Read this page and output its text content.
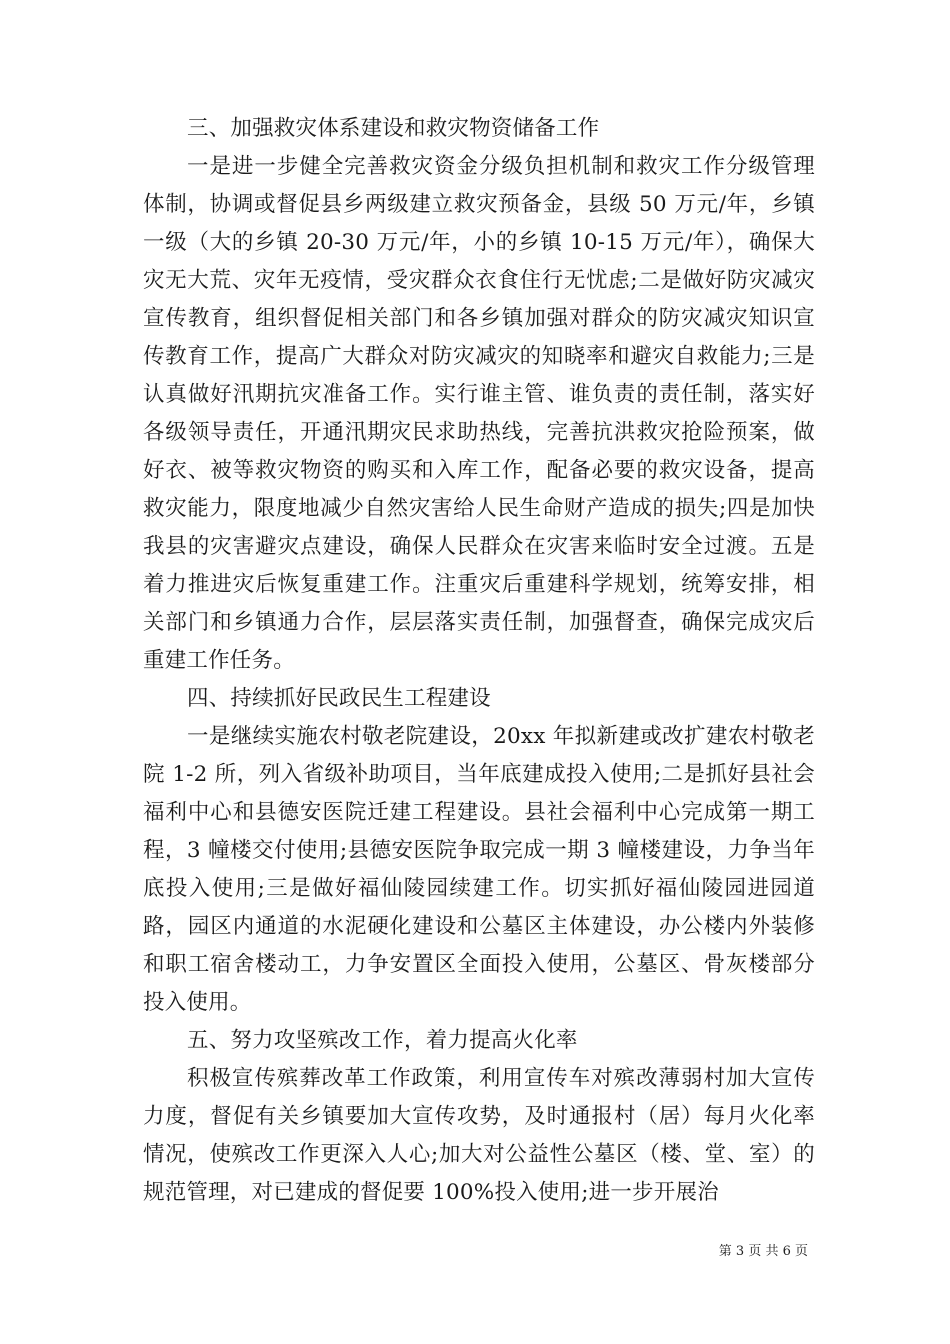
三、加强救灾体系建设和救灾物资储备工作

一是进一步健全完善救灾资金分级负担机制和救灾工作分级管理体制，协调或督促县乡两级建立救灾预备金，县级 50 万元/年，乡镇一级（大的乡镇 20-30 万元/年，小的乡镇 10-15 万元/年），确保大灾无大荒、灾年无疫情，受灾群众衣食住行无忧虑;二是做好防灾减灾宣传教育，组织督促相关部门和各乡镇加强对群众的防灾减灾知识宣传教育工作，提高广大群众对防灾减灾的知晓率和避灾自救能力;三是认真做好汛期抗灾准备工作。实行谁主管、谁负责的责任制，落实好各级领导责任，开通汛期灾民求助热线，完善抗洪救灾抢险预案，做好衣、被等救灾物资的购买和入库工作，配备必要的救灾设备，提高救灾能力，限度地减少自然灾害给人民生命财产造成的损失;四是加快我县的灾害避灾点建设，确保人民群众在灾害来临时安全过渡。五是着力推进灾后恢复重建工作。注重灾后重建科学规划，统筹安排，相关部门和乡镇通力合作，层层落实责任制，加强督查，确保完成灾后重建工作任务。

四、持续抓好民政民生工程建设

一是继续实施农村敬老院建设，20xx 年拟新建或改扩建农村敬老院 1-2 所，列入省级补助项目，当年底建成投入使用;二是抓好县社会福利中心和县德安医院迁建工程建设。县社会福利中心完成第一期工程，3 幢楼交付使用;县德安医院争取完成一期 3 幢楼建设，力争当年底投入使用;三是做好福仙陵园续建工作。切实抓好福仙陵园进园道路，园区内通道的水泥硬化建设和公墓区主体建设，办公楼内外装修和职工宿舍楼动工，力争安置区全面投入使用，公墓区、骨灰楼部分投入使用。

五、努力攻坚殡改工作，着力提高火化率

积极宣传殡葬改革工作政策，利用宣传车对殡改薄弱村加大宣传力度，督促有关乡镇要加大宣传攻势，及时通报村（居）每月火化率情况，使殡改工作更深入人心;加大对公益性公墓区（楼、堂、室）的规范管理，对已建成的督促要 100%投入使用;进一步开展治

第 3 页 共 6 页
